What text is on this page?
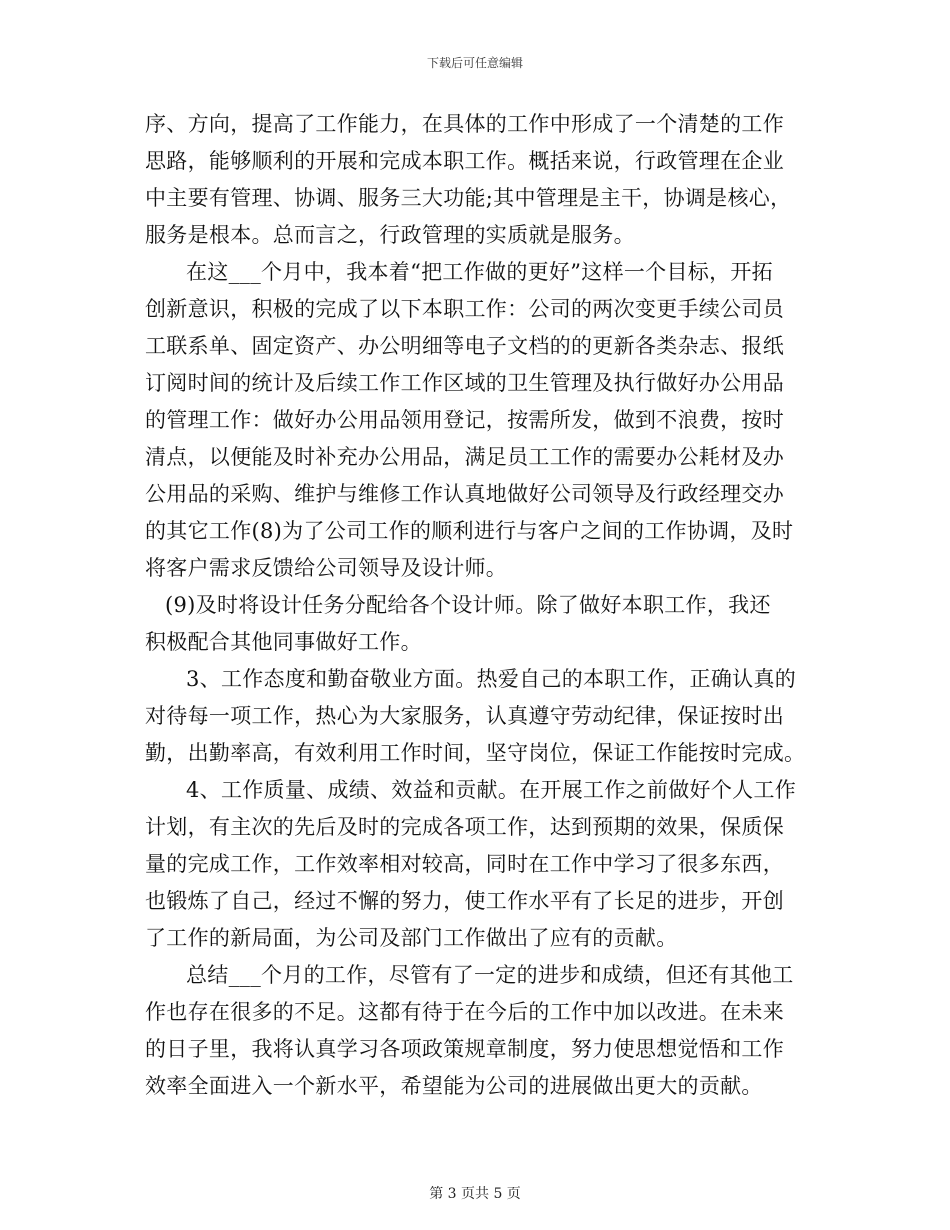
下载后可任意编辑
序、方向，提高了工作能力，在具体的工作中形成了一个清楚的工作
思路，能够顺利的开展和完成本职工作。概括来说，行政管理在企业
中主要有管理、协调、服务三大功能;其中管理是主干，协调是核心，
服务是根本。总而言之，行政管理的实质就是服务。
在这___个月中，我本着“把工作做的更好”这样一个目标，开拓
创新意识，积极的完成了以下本职工作：公司的两次变更手续公司员
工联系单、固定资产、办公明细等电子文档的的更新各类杂志、报纸
订阅时间的统计及后续工作工作区域的卫生管理及执行做好办公用品
的管理工作：做好办公用品领用登记，按需所发，做到不浪费，按时
清点，以便能及时补充办公用品，满足员工工作的需要办公耗材及办
公用品的采购、维护与维修工作认真地做好公司领导及行政经理交办
的其它工作(8)为了公司工作的顺利进行与客户之间的工作协调，及时
将客户需求反馈给公司领导及设计师。
(9)及时将设计任务分配给各个设计师。除了做好本职工作，我还
积极配合其他同事做好工作。
3、工作态度和勤奋敬业方面。热爱自己的本职工作，正确认真的
对待每一项工作，热心为大家服务，认真遵守劳动纪律，保证按时出
勤，出勤率高，有效利用工作时间，坚守岗位，保证工作能按时完成。
4、工作质量、成绩、效益和贡献。在开展工作之前做好个人工作
计划，有主次的先后及时的完成各项工作，达到预期的效果，保质保
量的完成工作，工作效率相对较高，同时在工作中学习了很多东西，
也锻炼了自己，经过不懈的努力，使工作水平有了长足的进步，开创
了工作的新局面，为公司及部门工作做出了应有的贡献。
总结___个月的工作，尽管有了一定的进步和成绩，但还有其他工
作也存在很多的不足。这都有待于在今后的工作中加以改进。在未来
的日子里，我将认真学习各项政策规章制度，努力使思想觉悟和工作
效率全面进入一个新水平，希望能为公司的进展做出更大的贡献。
第 3 页共 5 页
